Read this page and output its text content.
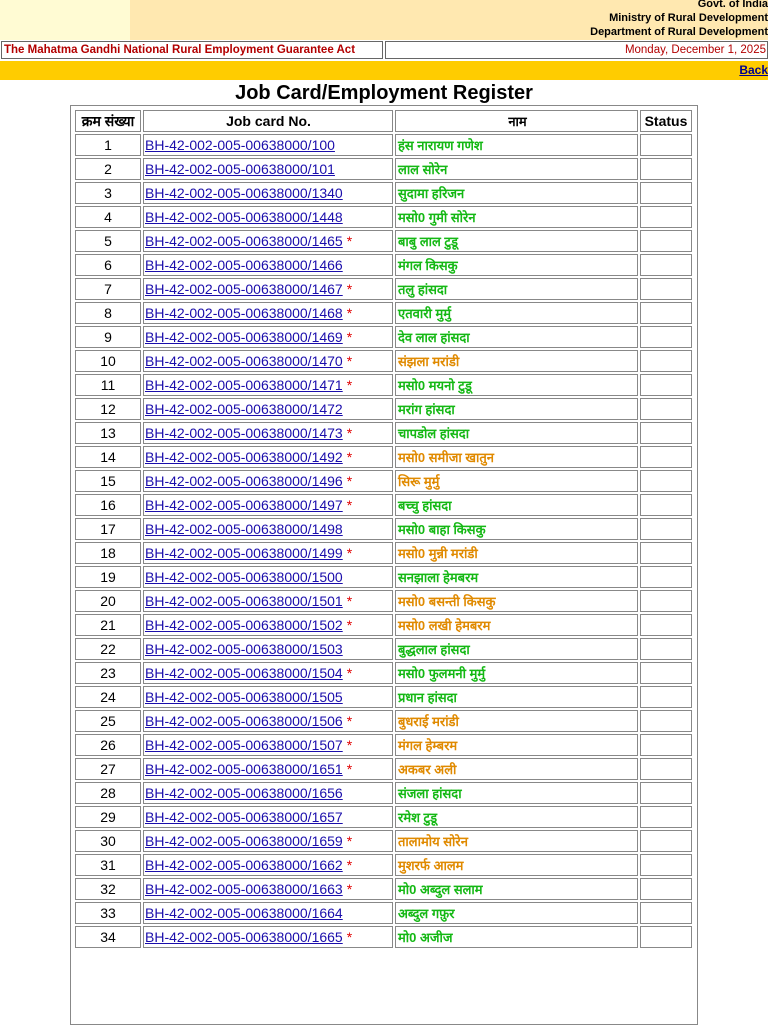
Govt. of India
Ministry of Rural Development
Department of Rural Development
The Mahatma Gandhi National Rural Employment Guarantee Act	Monday, December 1, 2025
Back
Job Card/Employment Register
क्रम संख्या	Job card No.	नाम	Status
1	BH-42-002-005-00638000/100	हंस नारायण गणेश	
2	BH-42-002-005-00638000/101	लाल सोरेन	
3	BH-42-002-005-00638000/1340	सुदामा हरिजन	
4	BH-42-002-005-00638000/1448	मसो0 गुमी सोरेन	
5	BH-42-002-005-00638000/1465 *	बाबु लाल टुडू	
6	BH-42-002-005-00638000/1466	मंगल किसकु	
7	BH-42-002-005-00638000/1467 *	तलु हांसदा	
8	BH-42-002-005-00638000/1468 *	एतवारी मुर्मु	
9	BH-42-002-005-00638000/1469 *	देव लाल हांसदा	
10	BH-42-002-005-00638000/1470 *	संझला मरांडी	
11	BH-42-002-005-00638000/1471 *	मसो0 मयनो टुडू	
12	BH-42-002-005-00638000/1472	मरांग हांसदा	
13	BH-42-002-005-00638000/1473 *	चापडोल हांसदा	
14	BH-42-002-005-00638000/1492 *	मसो0 समीजा खातुन	
15	BH-42-002-005-00638000/1496 *	सिरू मुर्मु	
16	BH-42-002-005-00638000/1497 *	बच्चु हांसदा	
17	BH-42-002-005-00638000/1498	मसो0 बाहा किसकु	
18	BH-42-002-005-00638000/1499 *	मसो0 मुन्नी मरांडी	
19	BH-42-002-005-00638000/1500	सनझाला हेमबरम	
20	BH-42-002-005-00638000/1501 *	मसो0 बसन्ती किसकु	
21	BH-42-002-005-00638000/1502 *	मसो0 लखी हेमबरम	
22	BH-42-002-005-00638000/1503	बुद्धलाल हांसदा	
23	BH-42-002-005-00638000/1504 *	मसो0 फुलमनी मुर्मु	
24	BH-42-002-005-00638000/1505	प्रधान हांसदा	
25	BH-42-002-005-00638000/1506 *	बुधराई मरांडी	
26	BH-42-002-005-00638000/1507 *	मंगल हेम्बरम	
27	BH-42-002-005-00638000/1651 *	अकबर अली	
28	BH-42-002-005-00638000/1656	संजला हांसदा	
29	BH-42-002-005-00638000/1657	रमेश टुडू	
30	BH-42-002-005-00638000/1659 *	तालामोय सोरेन	
31	BH-42-002-005-00638000/1662 *	मुशरर्फ आलम	
32	BH-42-002-005-00638000/1663 *	मो0 अब्दुल सलाम	
33	BH-42-002-005-00638000/1664	अब्दुल गफ़ुर	
34	BH-42-002-005-00638000/1665 *	मो0 अजीज	
